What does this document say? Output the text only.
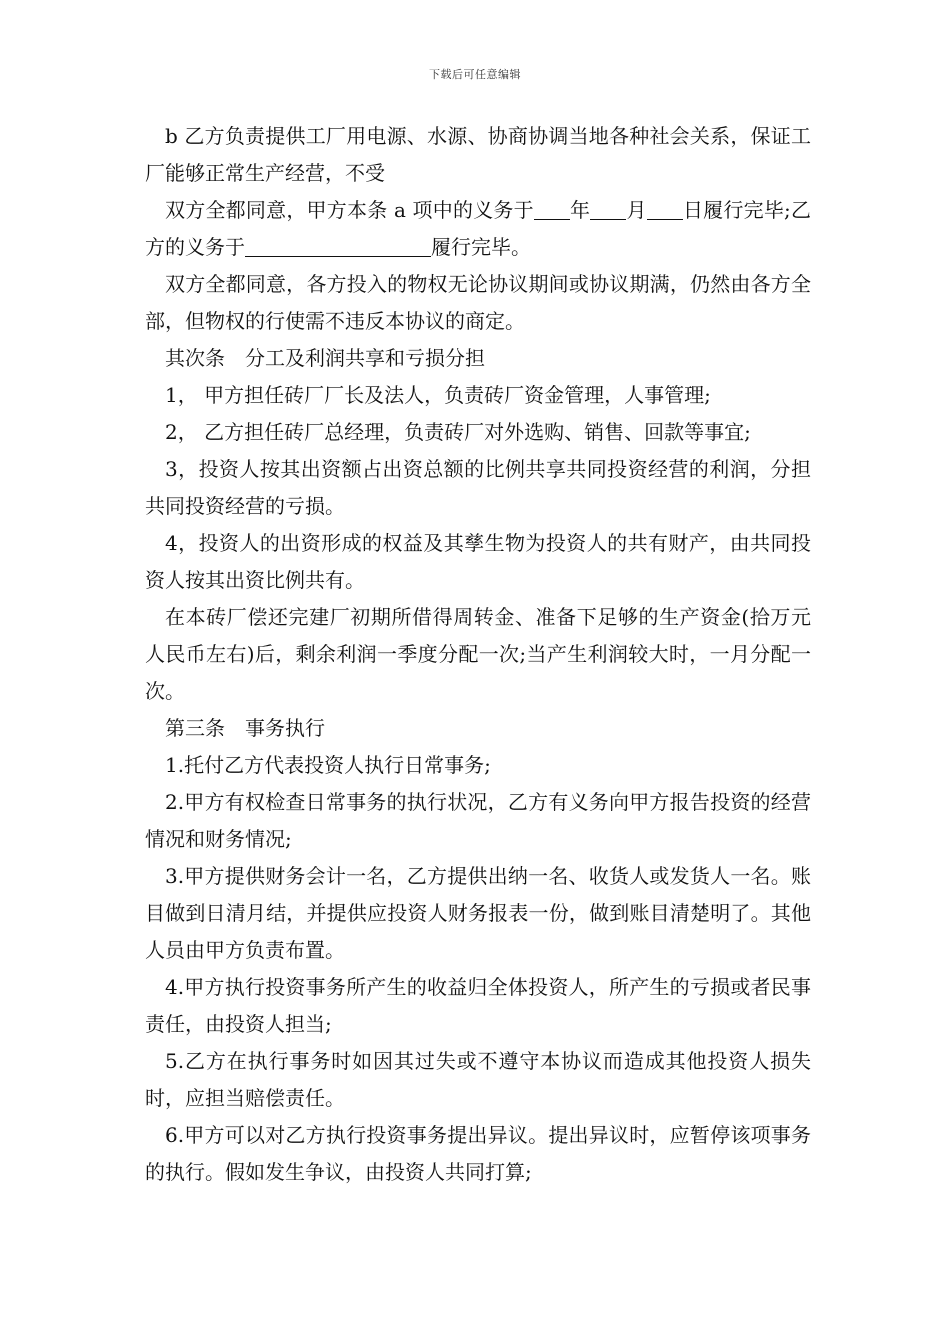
下载后可任意编辑

b 乙方负责提供工厂用电源、水源、协商协调当地各种社会关系，保证工厂能够正常生产经营，不受

双方全都同意，甲方本条 a 项中的义务于 年 月 日履行完毕;乙方的义务于	履行完毕。

双方全都同意，各方投入的物权无论协议期间或协议期满，仍然由各方全部，但物权的行使需不违反本协议的商定。

其次条 分工及利润共享和亏损分担

1， 甲方担任砖厂厂长及法人，负责砖厂资金管理，人事管理;

2， 乙方担任砖厂总经理，负责砖厂对外选购、销售、回款等事宜;

3，投资人按其出资额占出资总额的比例共享共同投资经营的利润，分担共同投资经营的亏损。

4，投资人的出资形成的权益及其孳生物为投资人的共有财产，由共同投资人按其出资比例共有。

在本砖厂偿还完建厂初期所借得周转金、准备下足够的生产资金(拾万元人民币左右)后，剩余利润一季度分配一次;当产生利润较大时，一月分配一次。

第三条 事务执行

1.托付乙方代表投资人执行日常事务;

2.甲方有权检查日常事务的执行状况，乙方有义务向甲方报告投资的经营情况和财务情况;

3.甲方提供财务会计一名，乙方提供出纳一名、收货人或发货人一名。账目做到日清月结，并提供应投资人财务报表一份，做到账目清楚明了。其他人员由甲方负责布置。

4.甲方执行投资事务所产生的收益归全体投资人，所产生的亏损或者民事责任，由投资人担当;

5.乙方在执行事务时如因其过失或不遵守本协议而造成其他投资人损失时，应担当赔偿责任。

6.甲方可以对乙方执行投资事务提出异议。提出异议时，应暂停该项事务的执行。假如发生争议，由投资人共同打算;
